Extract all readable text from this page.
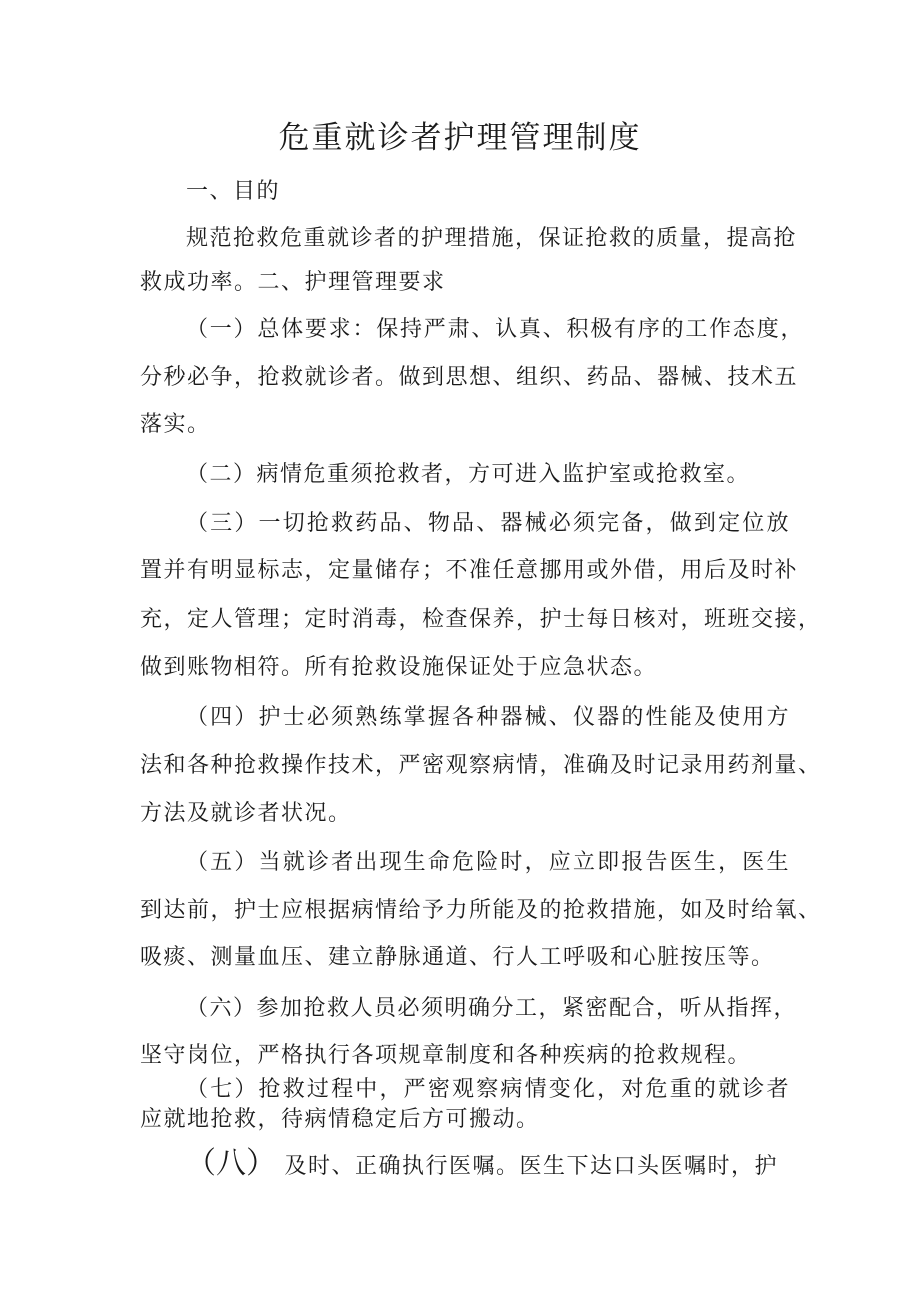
危重就诊者护理管理制度
一、目的
规范抢救危重就诊者的护理措施，保证抢救的质量，提高抢
救成功率。二、护理管理要求
（一）总体要求：保持严肃、认真、积极有序的工作态度，
分秒必争，抢救就诊者。做到思想、组织、药品、器械、技术五
落实。
（二）病情危重须抢救者，方可进入监护室或抢救室。
（三）一切抢救药品、物品、器械必须完备，做到定位放
置并有明显标志，定量储存；不准任意挪用或外借，用后及时补
充，定人管理；定时消毒，检查保养，护士每日核对，班班交接，
做到账物相符。所有抢救设施保证处于应急状态。
（四）护士必须熟练掌握各种器械、仪器的性能及使用方
法和各种抢救操作技术，严密观察病情，准确及时记录用药剂量、
方法及就诊者状况。
（五）当就诊者出现生命危险时，应立即报告医生，医生
到达前，护士应根据病情给予力所能及的抢救措施，如及时给氧、
吸痰、测量血压、建立静脉通道、行人工呼吸和心脏按压等。
（六）参加抢救人员必须明确分工，紧密配合，听从指挥，
坚守岗位，严格执行各项规章制度和各种疾病的抢救规程。
（七）抢救过程中，严密观察病情变化，对危重的就诊者
应就地抢救，待病情稳定后方可搬动。
（八） 及时、正确执行医嘱。医生下达口头医嘱时，护
